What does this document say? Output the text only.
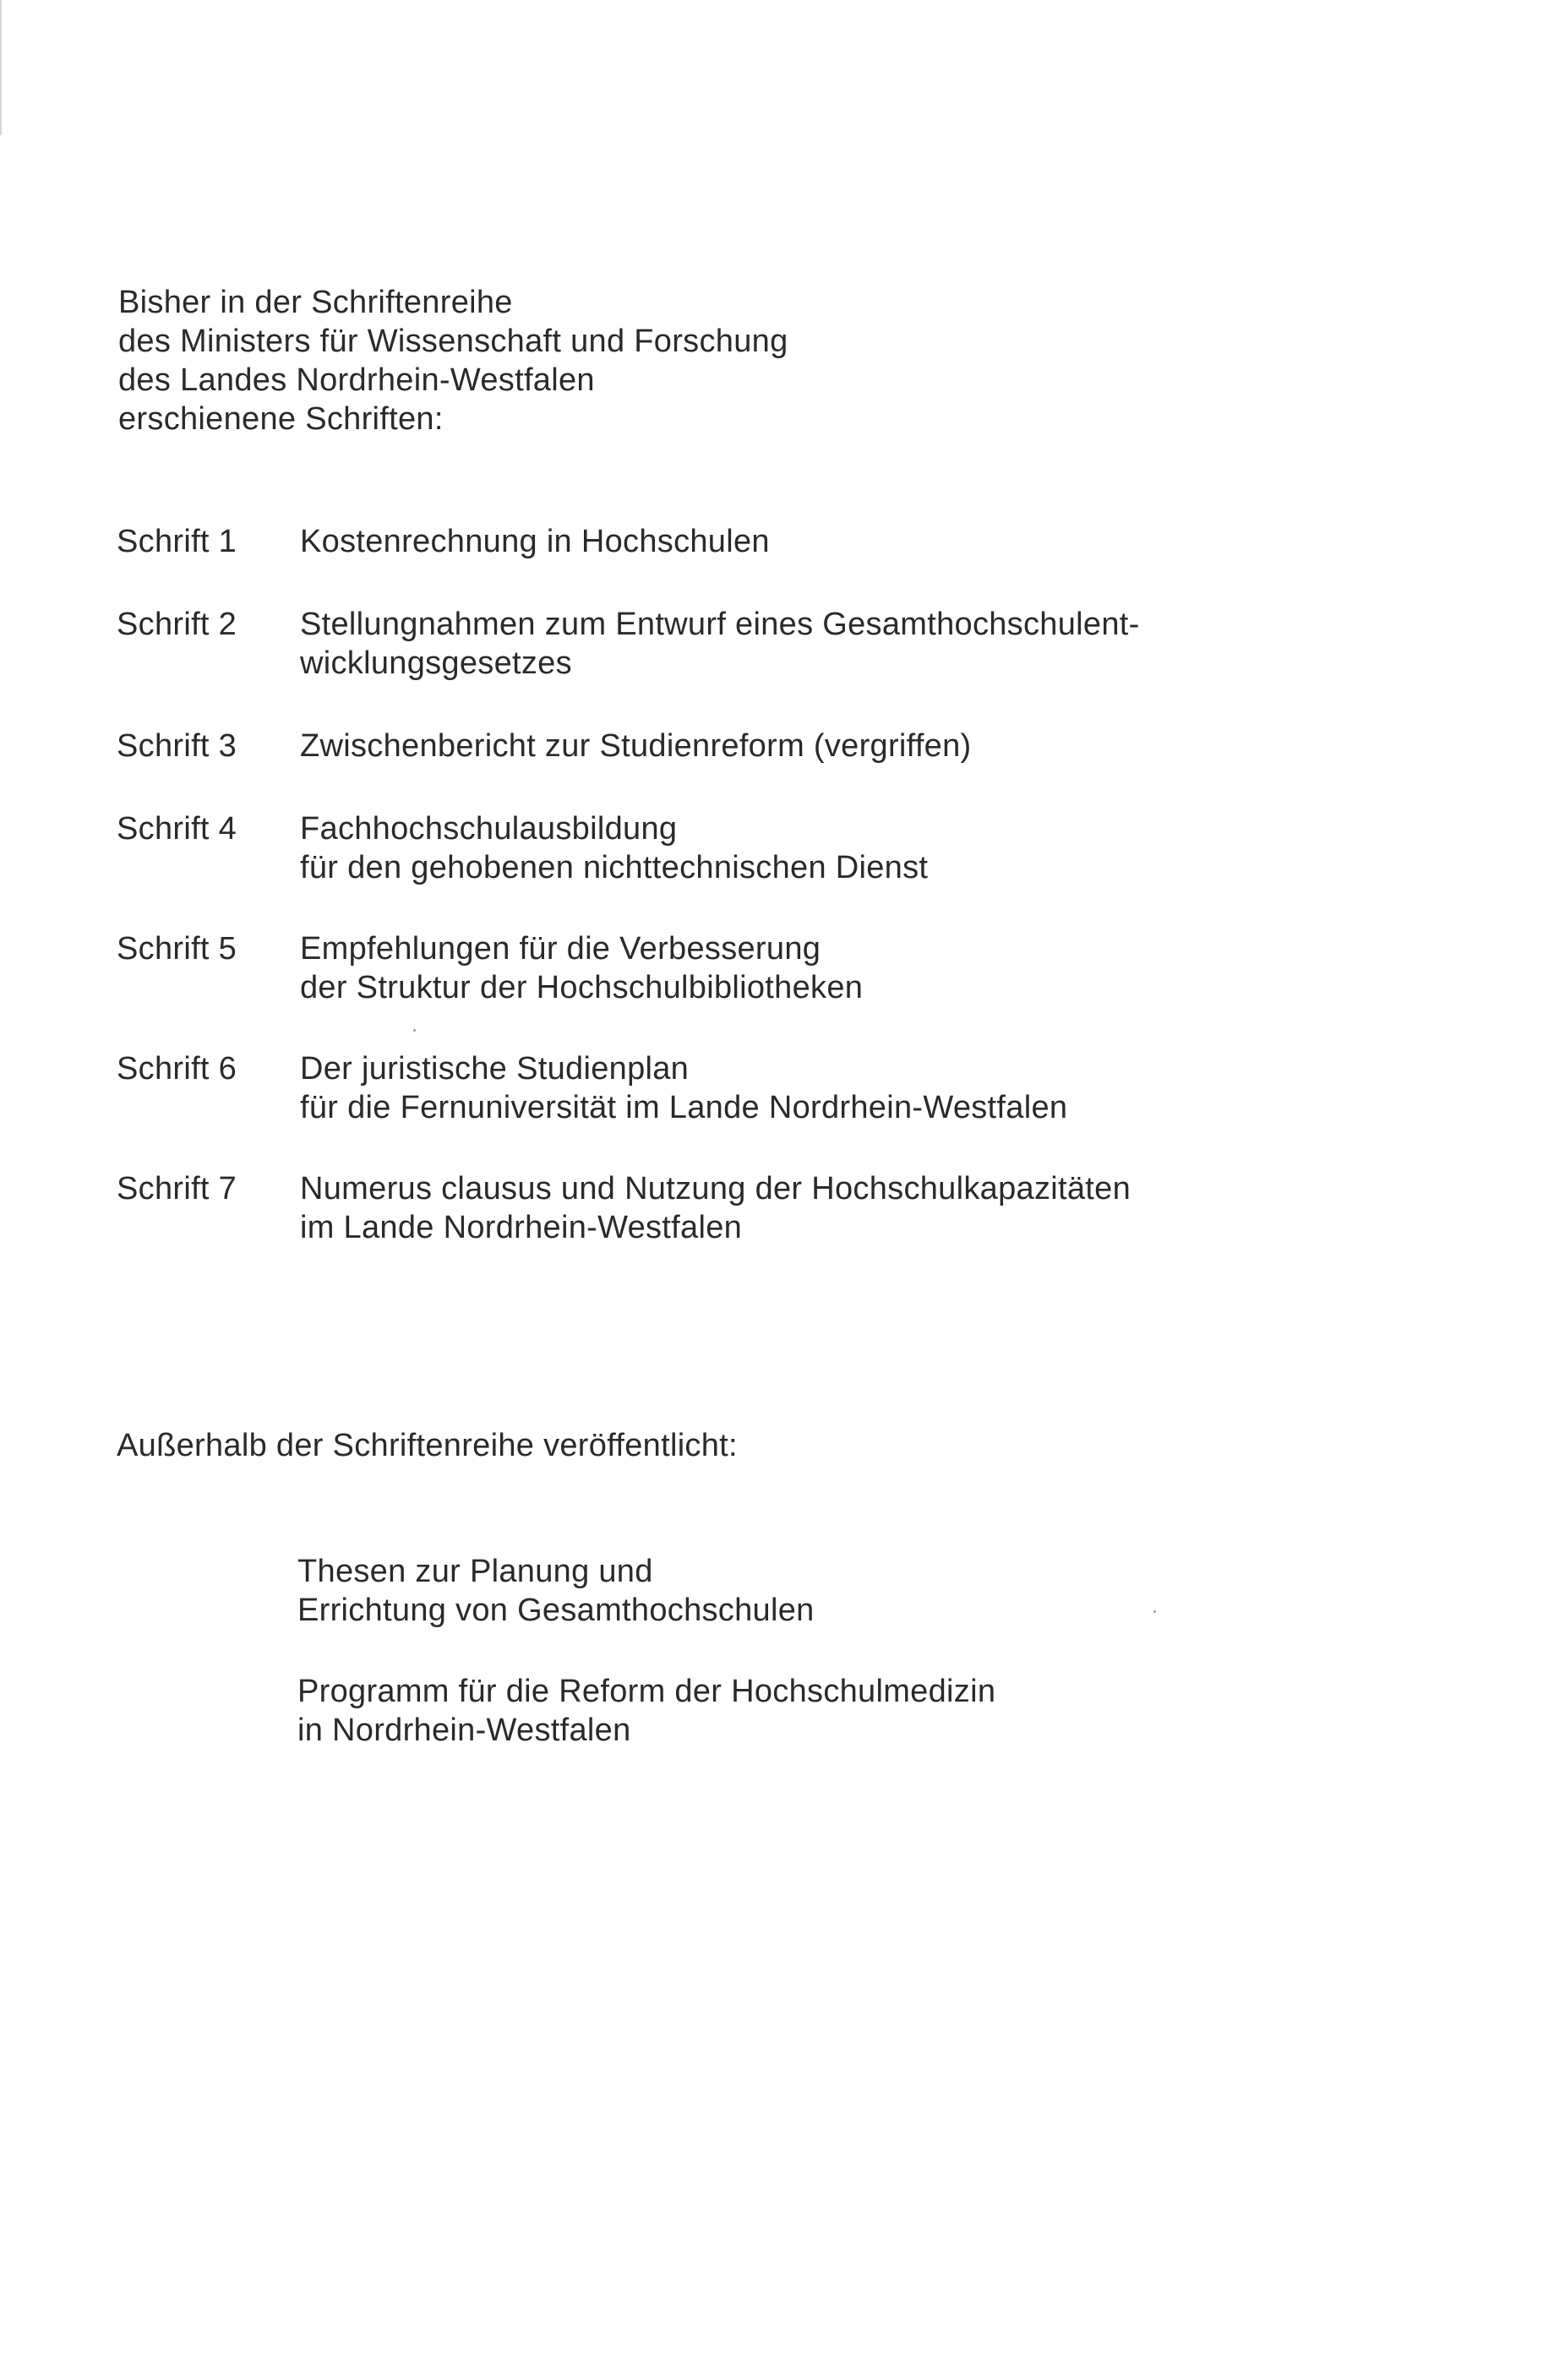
Bisher in der Schriftenreihe
des Ministers für Wissenschaft und Forschung
des Landes Nordrhein-Westfalen
erschienene Schriften:
Schrift 1	Kostenrechnung in Hochschulen
Schrift 2	Stellungnahmen zum Entwurf eines Gesamthochschulent-
wicklungsgesetzes
Schrift 3	Zwischenbericht zur Studienreform (vergriffen)
Schrift 4	Fachhochschulausbildung
für den gehobenen nichttechnischen Dienst
Schrift 5	Empfehlungen für die Verbesserung
der Struktur der Hochschulbibliotheken
Schrift 6	Der juristische Studienplan
für die Fernuniversität im Lande Nordrhein-Westfalen
Schrift 7	Numerus clausus und Nutzung der Hochschulkapazitäten
im Lande Nordrhein-Westfalen
Außerhalb der Schriftenreihe veröffentlicht:
Thesen zur Planung und
Errichtung von Gesamthochschulen
Programm für die Reform der Hochschulmedizin
in Nordrhein-Westfalen
